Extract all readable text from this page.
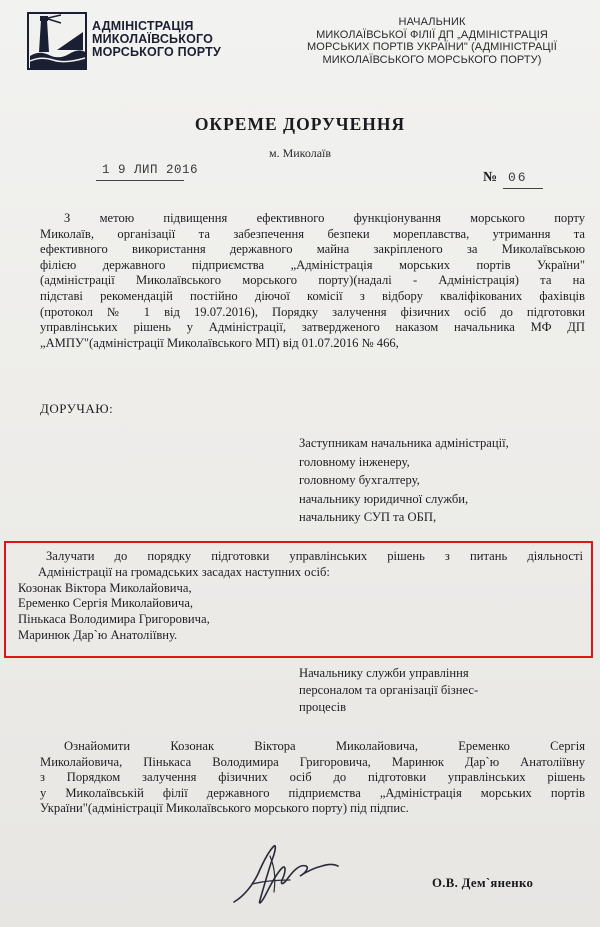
АДМІНІСТРАЦІЯ
МИКОЛАЇВСЬКОГО
МОРСЬКОГО ПОРТУ
НАЧАЛЬНИК
МИКОЛАЇВСЬКОЇ ФІЛІЇ ДП „АДМІНІСТРАЦІЯ
МОРСЬКИХ ПОРТІВ УКРАЇНИ" (АДМІНІСТРАЦІЇ
МИКОЛАЇВСЬКОГО МОРСЬКОГО ПОРТУ)
ОКРЕМЕ ДОРУЧЕННЯ
м. Миколаїв
1 9 ЛИП 2016	№ 06
З метою підвищення ефективного функціонування морського порту
Миколаїв, організації та забезпечення безпеки мореплавства, утримання та
ефективного використання державного майна закріпленого за Миколаївською
філією державного підприємства „Адміністрація морських портів України"
(адміністрації Миколаївського морського порту)(надалі - Адміністрація) та на
підставі рекомендацій постійно діючої комісії з відбору кваліфікованих фахівців
(протокол № 1 від 19.07.2016), Порядку залучення фізичних осіб до підготовки
управлінських рішень у Адміністрації, затвердженого наказом начальника МФ ДП
„АМПУ"(адміністрації Миколаївського МП) від 01.07.2016 № 466,
ДОРУЧАЮ:
Заступникам начальника адміністрації,
головному інженеру,
головному бухгалтеру,
начальнику юридичної служби,
начальнику СУП та ОБП,
Залучати до порядку підготовки управлінських рішень з питань діяльності
Адміністрації на громадських засадах наступних осіб:
Козонак Віктора Миколайовича,
Еременко Сергія Миколайовича,
Пінькаса Володимира Григоровича,
Маринюк Дар`ю Анатоліївну.
Начальнику служби управління
персоналом та організації бізнес-
процесів
Ознайомити Козонак Віктора Миколайовича, Еременко Сергія
Миколайовича, Пінькаса Володимира Григоровича, Маринюк Дар`ю Анатоліївну
з Порядком залучення фізичних осіб до підготовки управлінських рішень
у Миколаївській філії державного підприємства „Адміністрація морських портів
України"(адміністрації Миколаївського морського порту) під підпис.
О.В. Дем`яненко
